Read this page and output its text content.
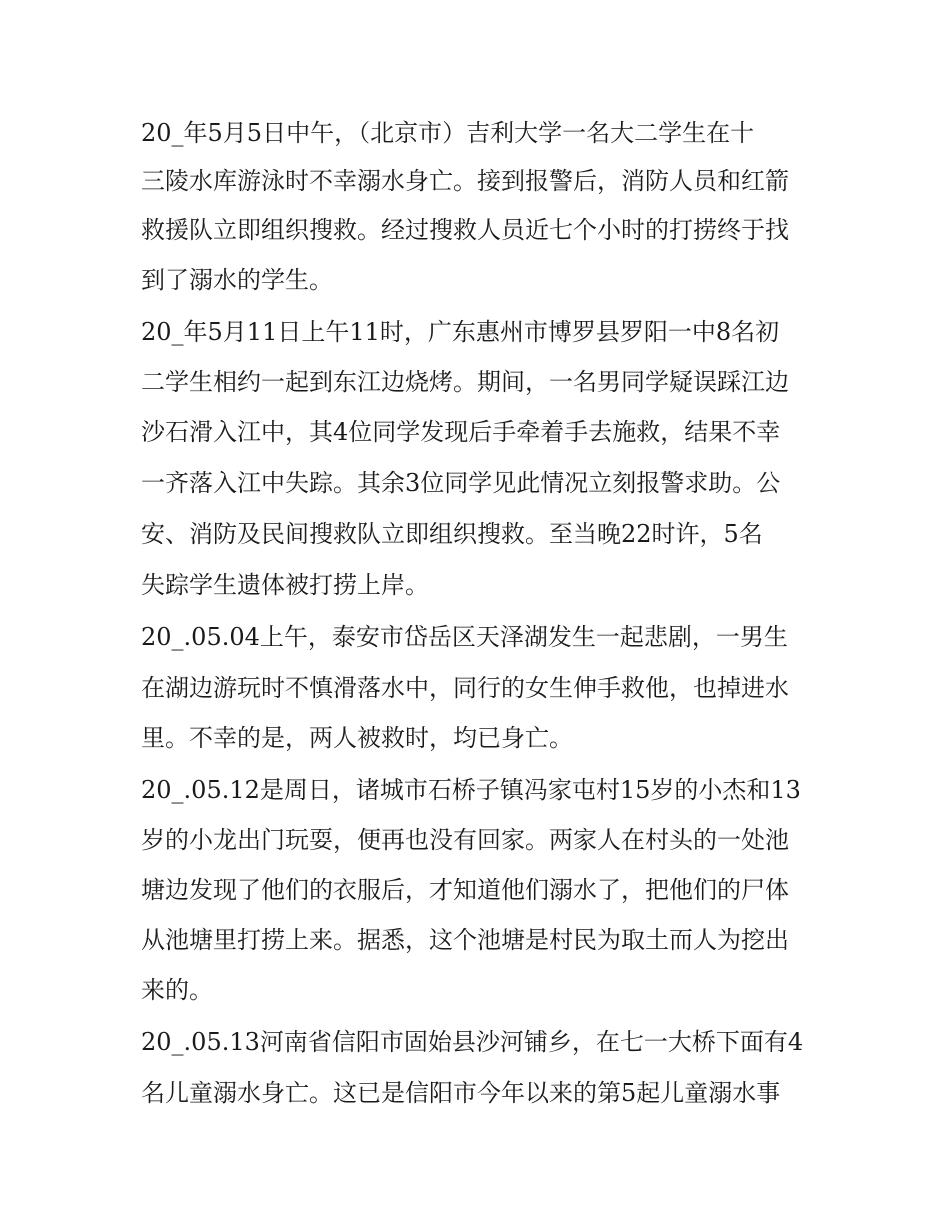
20_年5月5日中午，（北京市）吉利大学一名大二学生在十
三陵水库游泳时不幸溺水身亡。接到报警后，消防人员和红箭
救援队立即组织搜救。经过搜救人员近七个小时的打捞终于找
到了溺水的学生。
20_年5月11日上午11时，广东惠州市博罗县罗阳一中8名初
二学生相约一起到东江边烧烤。期间，一名男同学疑误踩江边
沙石滑入江中，其4位同学发现后手牵着手去施救，结果不幸
一齐落入江中失踪。其余3位同学见此情况立刻报警求助。公
安、消防及民间搜救队立即组织搜救。至当晚22时许，5名
失踪学生遗体被打捞上岸。
20_.05.04上午，泰安市岱岳区天泽湖发生一起悲剧，一男生
在湖边游玩时不慎滑落水中，同行的女生伸手救他，也掉进水
里。不幸的是，两人被救时，均已身亡。
20_.05.12是周日，诸城市石桥子镇冯家屯村15岁的小杰和13
岁的小龙出门玩耍，便再也没有回家。两家人在村头的一处池
塘边发现了他们的衣服后，才知道他们溺水了，把他们的尸体
从池塘里打捞上来。据悉，这个池塘是村民为取土而人为挖出
来的。
20_.05.13河南省信阳市固始县沙河铺乡，在七一大桥下面有4
名儿童溺水身亡。这已是信阳市今年以来的第5起儿童溺水事
